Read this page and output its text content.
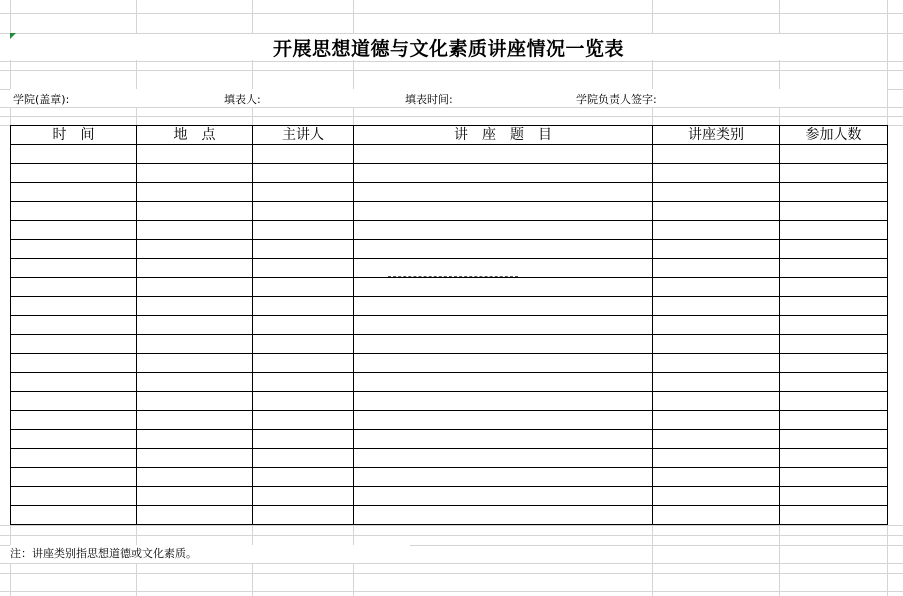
开展思想道德与文化素质讲座情况一览表
学院(盖章):	填表人:	填表时间:	学院负责人签字:
时　间	地　点	主讲人	讲　座　题　目	讲座类别	参加人数

注：讲座类别指思想道德或文化素质。
